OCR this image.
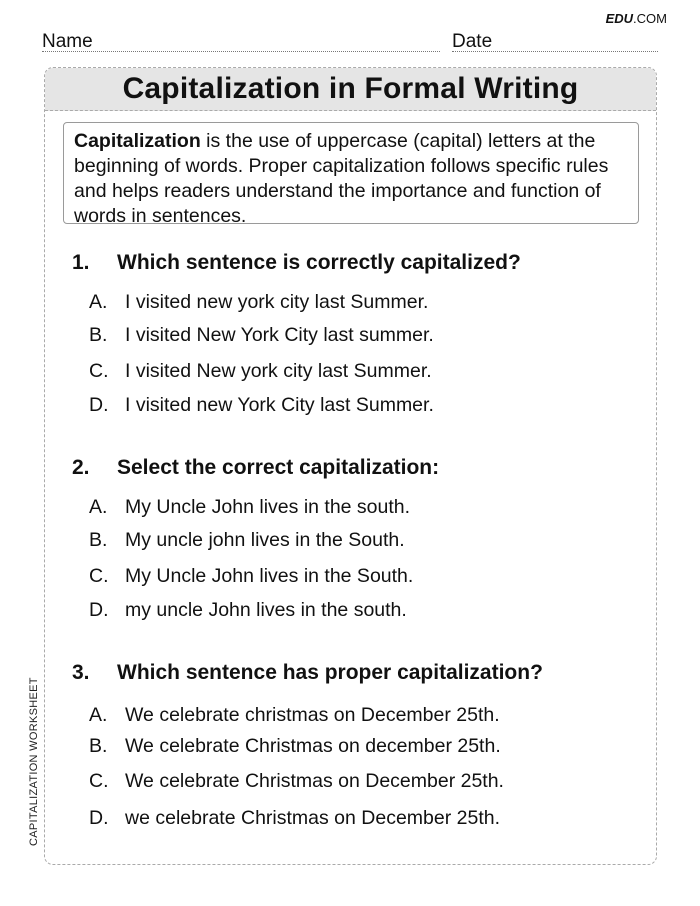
EDU.COM
Name	Date
Capitalization in Formal Writing
Capitalization is the use of uppercase (capital) letters at the beginning of words. Proper capitalization follows specific rules and helps readers understand the importance and function of words in sentences.
1.	Which sentence is correctly capitalized?
A. I visited new york city last Summer.
B. I visited New York City last summer.
C. I visited New york city last Summer.
D. I visited new York City last Summer.
2.	Select the correct capitalization:
A. My Uncle John lives in the south.
B. My uncle john lives in the South.
C. My Uncle John lives in the South.
D. my uncle John lives in the south.
3.	Which sentence has proper capitalization?
A. We celebrate christmas on December 25th.
B. We celebrate Christmas on december 25th.
C. We celebrate Christmas on December 25th.
D. we celebrate Christmas on December 25th.
CAPITALIZATION WORKSHEET
